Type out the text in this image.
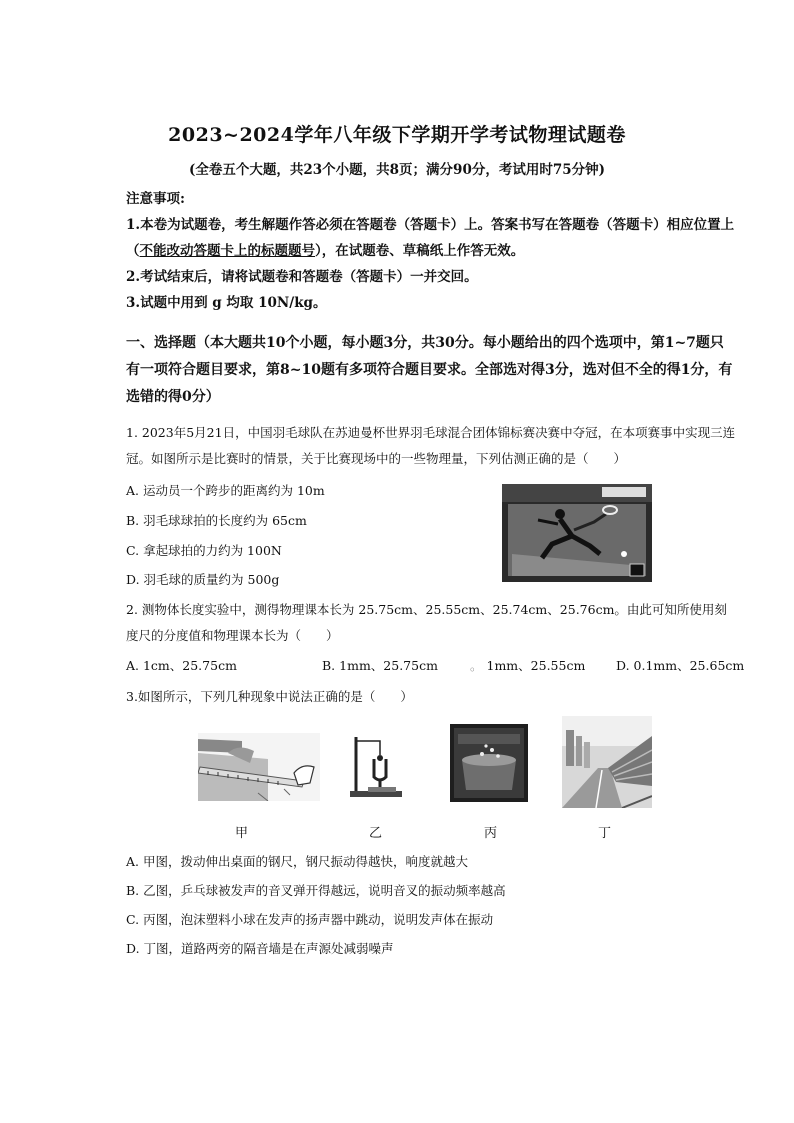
2023~2024学年八年级下学期开学考试物理试题卷
(全卷五个大题，共23个小题，共8页；满分90分，考试用时75分钟)
注意事项:
1.本卷为试题卷，考生解题作答必须在答题卷（答题卡）上。答案书写在答题卷（答题卡）相应位置上（不能改动答题卡上的标题题号），在试题卷、草稿纸上作答无效。
2.考试结束后，请将试题卷和答题卷（答题卡）一并交回。
3.试题中用到 g 均取 10N/kg。
一、选择题（本大题共10个小题，每小题3分，共30分。每小题给出的四个选项中，第1~7题只有一项符合题目要求，第8~10题有多项符合题目要求。全部选对得3分，选对但不全的得1分，有选错的得0分）
1. 2023年5月21日，中国羽毛球队在苏迪曼杯世界羽毛球混合团体锦标赛决赛中夺冠，在本项赛事中实现三连冠。如图所示是比赛时的情景，关于比赛现场中的一些物理量，下列估测正确的是（　　）
A. 运动员一个跨步的距离约为 10m
B. 羽毛球球拍的长度约为 65cm
C. 拿起球拍的力约为 100N
D. 羽毛球的质量约为 500g
2. 测物体长度实验中，测得物理课本长为 25.75cm、25.55cm、25.74cm、25.76cm。由此可知所使用刻度尺的分度值和物理课本长为（　　）
A. 1cm、25.75cm	B. 1mm、25.75cm	。 1mm、25.55cm D. 0.1mm、25.65cm
3.如图所示，下列几种现象中说法正确的是（　　）
甲	乙	丙	丁
A. 甲图，拨动伸出桌面的钢尺，钢尺振动得越快，响度就越大
B. 乙图，乒乓球被发声的音叉弹开得越远，说明音叉的振动频率越高
C. 丙图，泡沫塑料小球在发声的扬声器中跳动，说明发声体在振动
D. 丁图，道路两旁的隔音墙是在声源处减弱噪声
